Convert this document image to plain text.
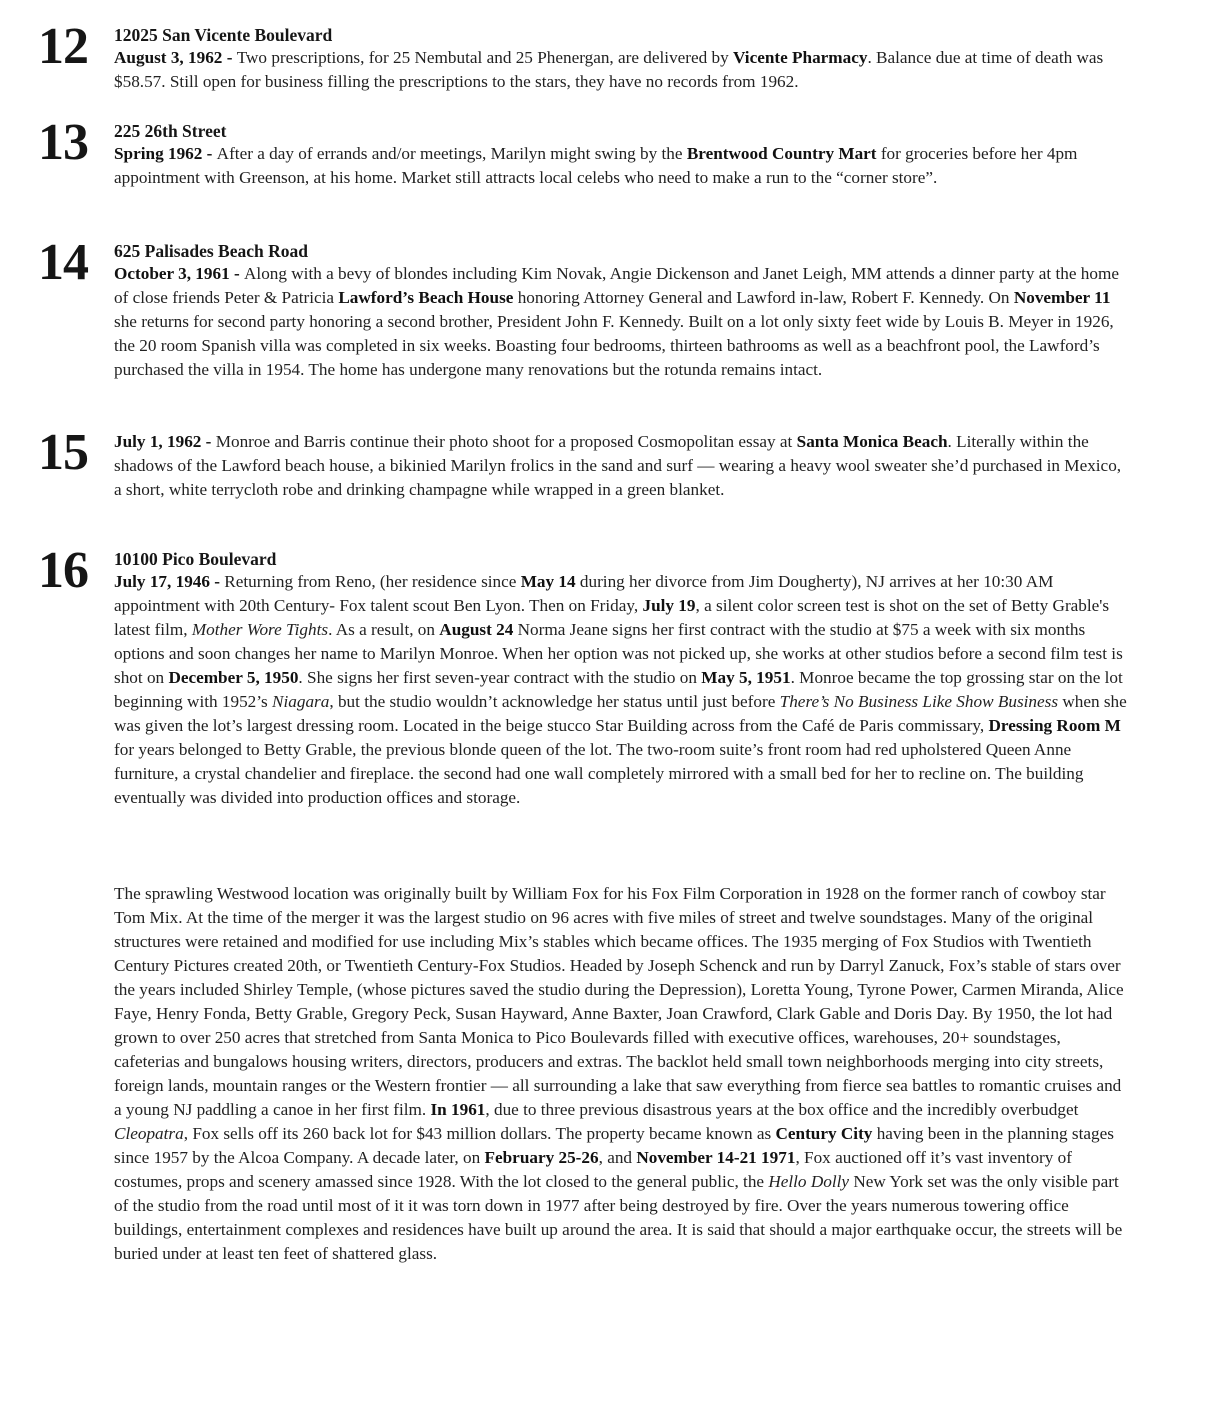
12 12025 San Vicente Boulevard

August 3, 1962 - Two prescriptions, for 25 Nembutal and 25 Phenergan, are delivered by Vicente Pharmacy. Balance due at time of death was $58.57. Still open for business filling the prescriptions to the stars, they have no records from 1962.

13 225 26th Street

Spring 1962 - After a day of errands and/or meetings, Marilyn might swing by the Brentwood Country Mart for groceries before her 4pm appointment with Greenson, at his home. Market still attracts local celebs who need to make a run to the “corner store”.

14 625 Palisades Beach Road

October 3, 1961 - Along with a bevy of blondes including Kim Novak, Angie Dickenson and Janet Leigh, MM attends a dinner party at the home of close friends Peter & Patricia Lawford’s Beach House honoring Attorney General and Lawford in-law, Robert F. Kennedy. On November 11 she returns for second party honoring a second brother, President John F. Kennedy. Built on a lot only sixty feet wide by Louis B. Meyer in 1926, the 20 room Spanish villa was completed in six weeks. Boasting four bedrooms, thirteen bathrooms as well as a beachfront pool, the Lawford’s purchased the villa in 1954. The home has undergone many renovations but the rotunda remains intact.

15 July 1, 1962 - Monroe and Barris continue their photo shoot for a proposed Cosmopolitan essay at Santa Monica Beach. Literally within the shadows of the Lawford beach house, a bikinied Marilyn frolics in the sand and surf — wearing a heavy wool sweater she’d purchased in Mexico, a short, white terrycloth robe and drinking champagne while wrapped in a green blanket.

16 10100 Pico Boulevard

July 17, 1946 - Returning from Reno, (her residence since May 14 during her divorce from Jim Dougherty), NJ arrives at her 10:30 AM appointment with 20th Century- Fox talent scout Ben Lyon. Then on Friday, July 19, a silent color screen test is shot on the set of Betty Grable's latest film, Mother Wore Tights. As a result, on August 24 Norma Jeane signs her first contract with the studio at $75 a week with six months options and soon changes her name to Marilyn Monroe. When her option was not picked up, she works at other studios before a second film test is shot on December 5, 1950. She signs her first seven-year contract with the studio on May 5, 1951. Monroe became the top grossing star on the lot beginning with 1952’s Niagara, but the studio wouldn’t acknowledge her status until just before There’s No Business Like Show Business when she was given the lot’s largest dressing room. Located in the beige stucco Star Building across from the Café de Paris commissary, Dressing Room M for years belonged to Betty Grable, the previous blonde queen of the lot. The two-room suite’s front room had red upholstered Queen Anne furniture, a crystal chandelier and fireplace. the second had one wall completely mirrored with a small bed for her to recline on. The building eventually was divided into production offices and storage.

The sprawling Westwood location was originally built by William Fox for his Fox Film Corporation in 1928 on the former ranch of cowboy star Tom Mix. At the time of the merger it was the largest studio on 96 acres with five miles of street and twelve soundstages. Many of the original structures were retained and modified for use including Mix’s stables which became offices. The 1935 merging of Fox Studios with Twentieth Century Pictures created 20th, or Twentieth Century-Fox Studios. Headed by Joseph Schenck and run by Darryl Zanuck, Fox’s stable of stars over the years included Shirley Temple, (whose pictures saved the studio during the Depression), Loretta Young, Tyrone Power, Carmen Miranda, Alice Faye, Henry Fonda, Betty Grable, Gregory Peck, Susan Hayward, Anne Baxter, Joan Crawford, Clark Gable and Doris Day. By 1950, the lot had grown to over 250 acres that stretched from Santa Monica to Pico Boulevards filled with executive offices, warehouses, 20+ soundstages, cafeterias and bungalows housing writers, directors, producers and extras. The backlot held small town neighborhoods merging into city streets, foreign lands, mountain ranges or the Western frontier — all surrounding a lake that saw everything from fierce sea battles to romantic cruises and a young NJ paddling a canoe in her first film. In 1961, due to three previous disastrous years at the box office and the incredibly overbudget Cleopatra, Fox sells off its 260 back lot for $43 million dollars. The property became known as Century City having been in the planning stages since 1957 by the Alcoa Company. A decade later, on February 25-26, and November 14-21 1971, Fox auctioned off it’s vast inventory of costumes, props and scenery amassed since 1928. With the lot closed to the general public, the Hello Dolly New York set was the only visible part of the studio from the road until most of it it was torn down in 1977 after being destroyed by fire. Over the years numerous towering office buildings, entertainment complexes and residences have built up around the area. It is said that should a major earthquake occur, the streets will be buried under at least ten feet of shattered glass.
